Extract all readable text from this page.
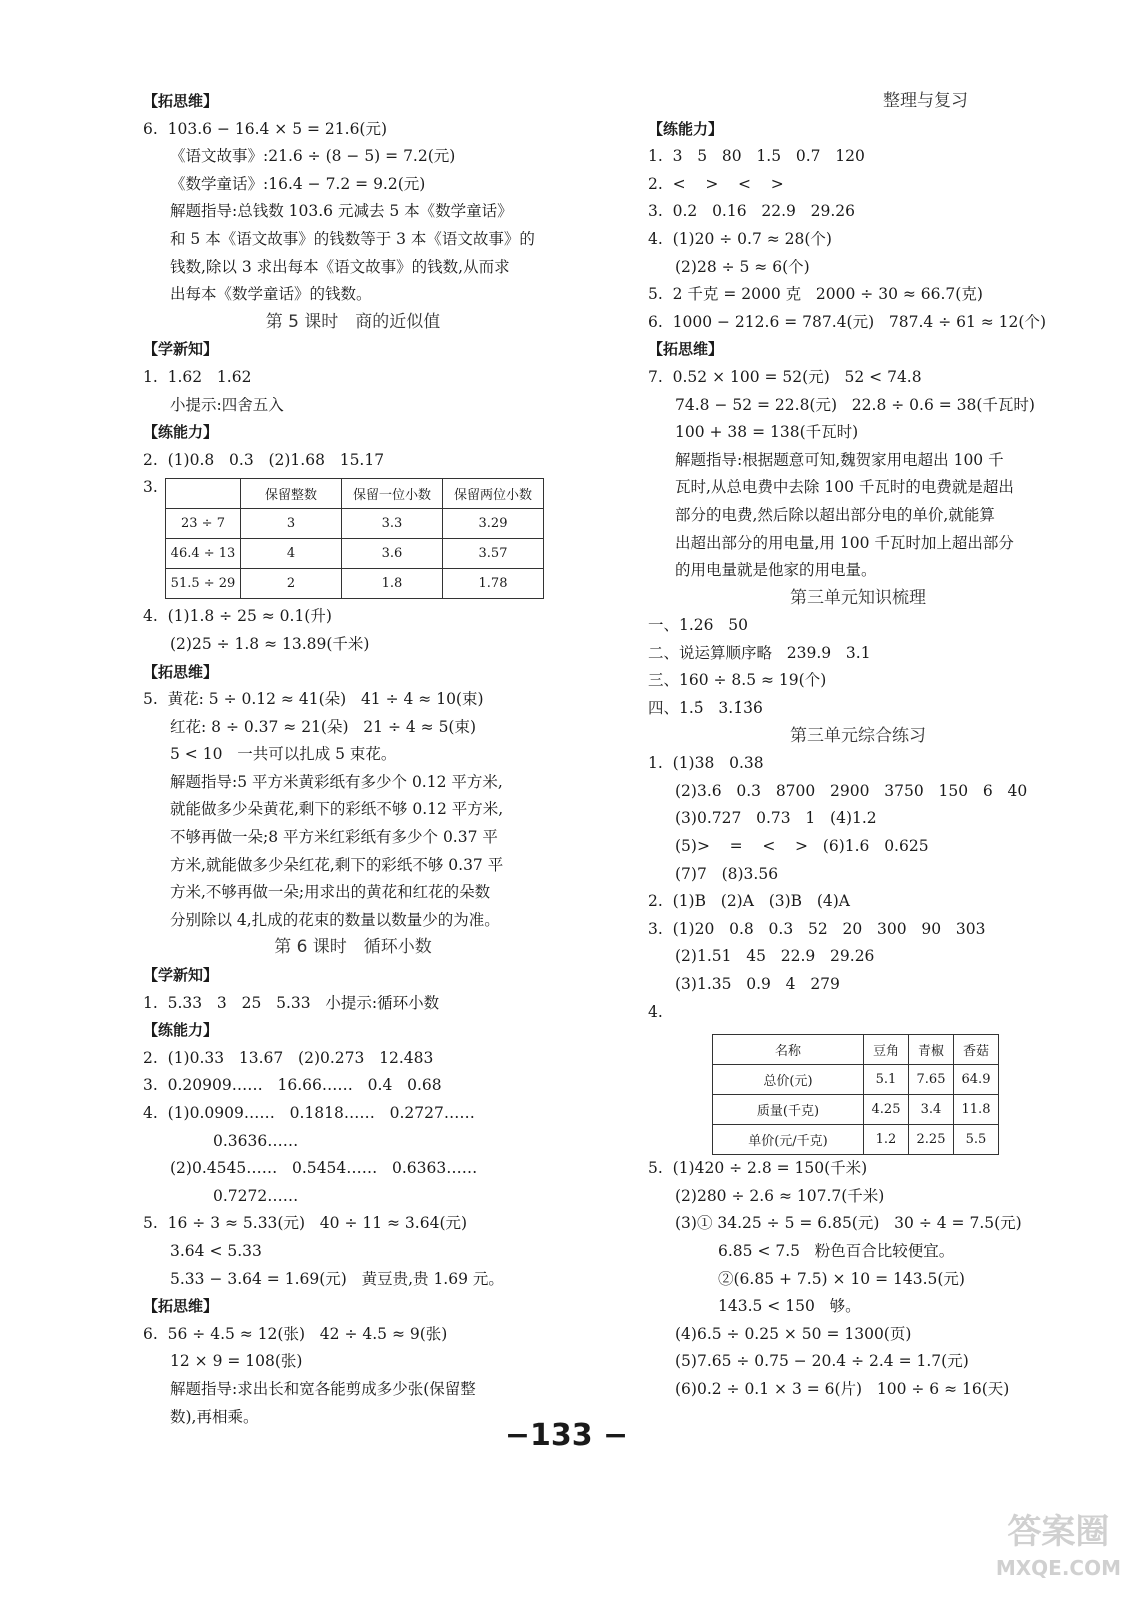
【拓思维】
6.  103.6 − 16.4 × 5 = 21.6(元)
《语文故事》:21.6 ÷ (8 − 5) = 7.2(元)
《数学童话》:16.4 − 7.2 = 9.2(元)
解题指导:总钱数 103.6 元减去 5 本《数学童话》
和 5 本《语文故事》的钱数等于 3 本《语文故事》的
钱数,除以 3 求出每本《语文故事》的钱数,从而求
出每本《数学童话》的钱数。
第 5 课时　商的近似值
【学新知】
1.  1.62   1.62
小提示:四舍五入
【练能力】
2.  (1)0.8   0.3   (2)1.68   15.17
3.
		保留整数	保留一位小数	保留两位小数
23 ÷ 7	3	3.3	3.29
46.4 ÷ 13	4	3.6	3.57
51.5 ÷ 29	2	1.8	1.78
4.  (1)1.8 ÷ 25 ≈ 0.1(升)
(2)25 ÷ 1.8 ≈ 13.89(千米)
【拓思维】
5.  黄花: 5 ÷ 0.12 ≈ 41(朵)   41 ÷ 4 ≈ 10(束)
红花: 8 ÷ 0.37 ≈ 21(朵)   21 ÷ 4 ≈ 5(束)
5 < 10   一共可以扎成 5 束花。
解题指导:5 平方米黄彩纸有多少个 0.12 平方米,
就能做多少朵黄花,剩下的彩纸不够 0.12 平方米,
不够再做一朵;8 平方米红彩纸有多少个 0.37 平
方米,就能做多少朵红花,剩下的彩纸不够 0.37 平
方米,不够再做一朵;用求出的黄花和红花的朵数
分别除以 4,扎成的花束的数量以数量少的为准。
第 6 课时　循环小数
【学新知】
1.  5.33   3   25   5.33   小提示:循环小数
【练能力】
2.  (1)0.33   13.67   (2)0.273   12.483
3.  0.20909……   16.66……   0.4   0.68
4.  (1)0.0909……   0.1818……   0.2727……
0.3636……
(2)0.4545……   0.5454……   0.6363……
0.7272……
5.  16 ÷ 3 ≈ 5.33(元)   40 ÷ 11 ≈ 3.64(元)
3.64 < 5.33
5.33 − 3.64 = 1.69(元)   黄豆贵,贵 1.69 元。
【拓思维】
6.  56 ÷ 4.5 ≈ 12(张)   42 ÷ 4.5 ≈ 9(张)
12 × 9 = 108(张)
解题指导:求出长和宽各能剪成多少张(保留整
数),再相乘。
整理与复习
【练能力】
1.  3   5   80   1.5   0.7   120
2.  <    >    <    >
3.  0.2   0.16   22.9   29.26
4.  (1)20 ÷ 0.7 ≈ 28(个)
(2)28 ÷ 5 ≈ 6(个)
5.  2 千克 = 2000 克   2000 ÷ 30 ≈ 66.7(克)
6.  1000 − 212.6 = 787.4(元)   787.4 ÷ 61 ≈ 12(个)
【拓思维】
7.  0.52 × 100 = 52(元)   52 < 74.8
74.8 − 52 = 22.8(元)   22.8 ÷ 0.6 = 38(千瓦时)
100 + 38 = 138(千瓦时)
解题指导:根据题意可知,魏贺家用电超出 100 千
瓦时,从总电费中去除 100 千瓦时的电费就是超出
部分的电费,然后除以超出部分电的单价,就能算
出超出部分的用电量,用 100 千瓦时加上超出部分
的用电量就是他家的用电量。
第三单元知识梳理
一、1.26   50
二、说运算顺序略   239.9   3.1
三、160 ÷ 8.5 ≈ 19(个)
四、1.5̇   3.1̇3̇6̇
第三单元综合练习
1.  (1)38   0.38
(2)3.6   0.3   8700   2900   3750   150   6   40
(3)0.727   0.73   1   (4)1.2
(5)>    =    <    >   (6)1.6   0.625
(7)7   (8)3.56
2.  (1)B   (2)A   (3)B   (4)A
3.  (1)20   0.8   0.3   52   20   300   90   303
(2)1.51   45   22.9   29.26
(3)1.35   0.9   4   279
4.
名称	豆角	青椒	香菇
总价(元)	5.1	7.65	64.9
质量(千克)	4.25	3.4	11.8
单价(元/千克)	1.2	2.25	5.5
5.  (1)420 ÷ 2.8 = 150(千米)
(2)280 ÷ 2.6 ≈ 107.7(千米)
(3)① 34.25 ÷ 5 = 6.85(元)   30 ÷ 4 = 7.5(元)
6.85 < 7.5   粉色百合比较便宜。
②(6.85 + 7.5) × 10 = 143.5(元)
143.5 < 150   够。
(4)6.5 ÷ 0.25 × 50 = 1300(页)
(5)7.65 ÷ 0.75 − 20.4 ÷ 2.4 = 1.7(元)
(6)0.2 ÷ 0.1 × 3 = 6(片)   100 ÷ 6 ≈ 16(天)
−133 −
答案圈
MXQE.COM
